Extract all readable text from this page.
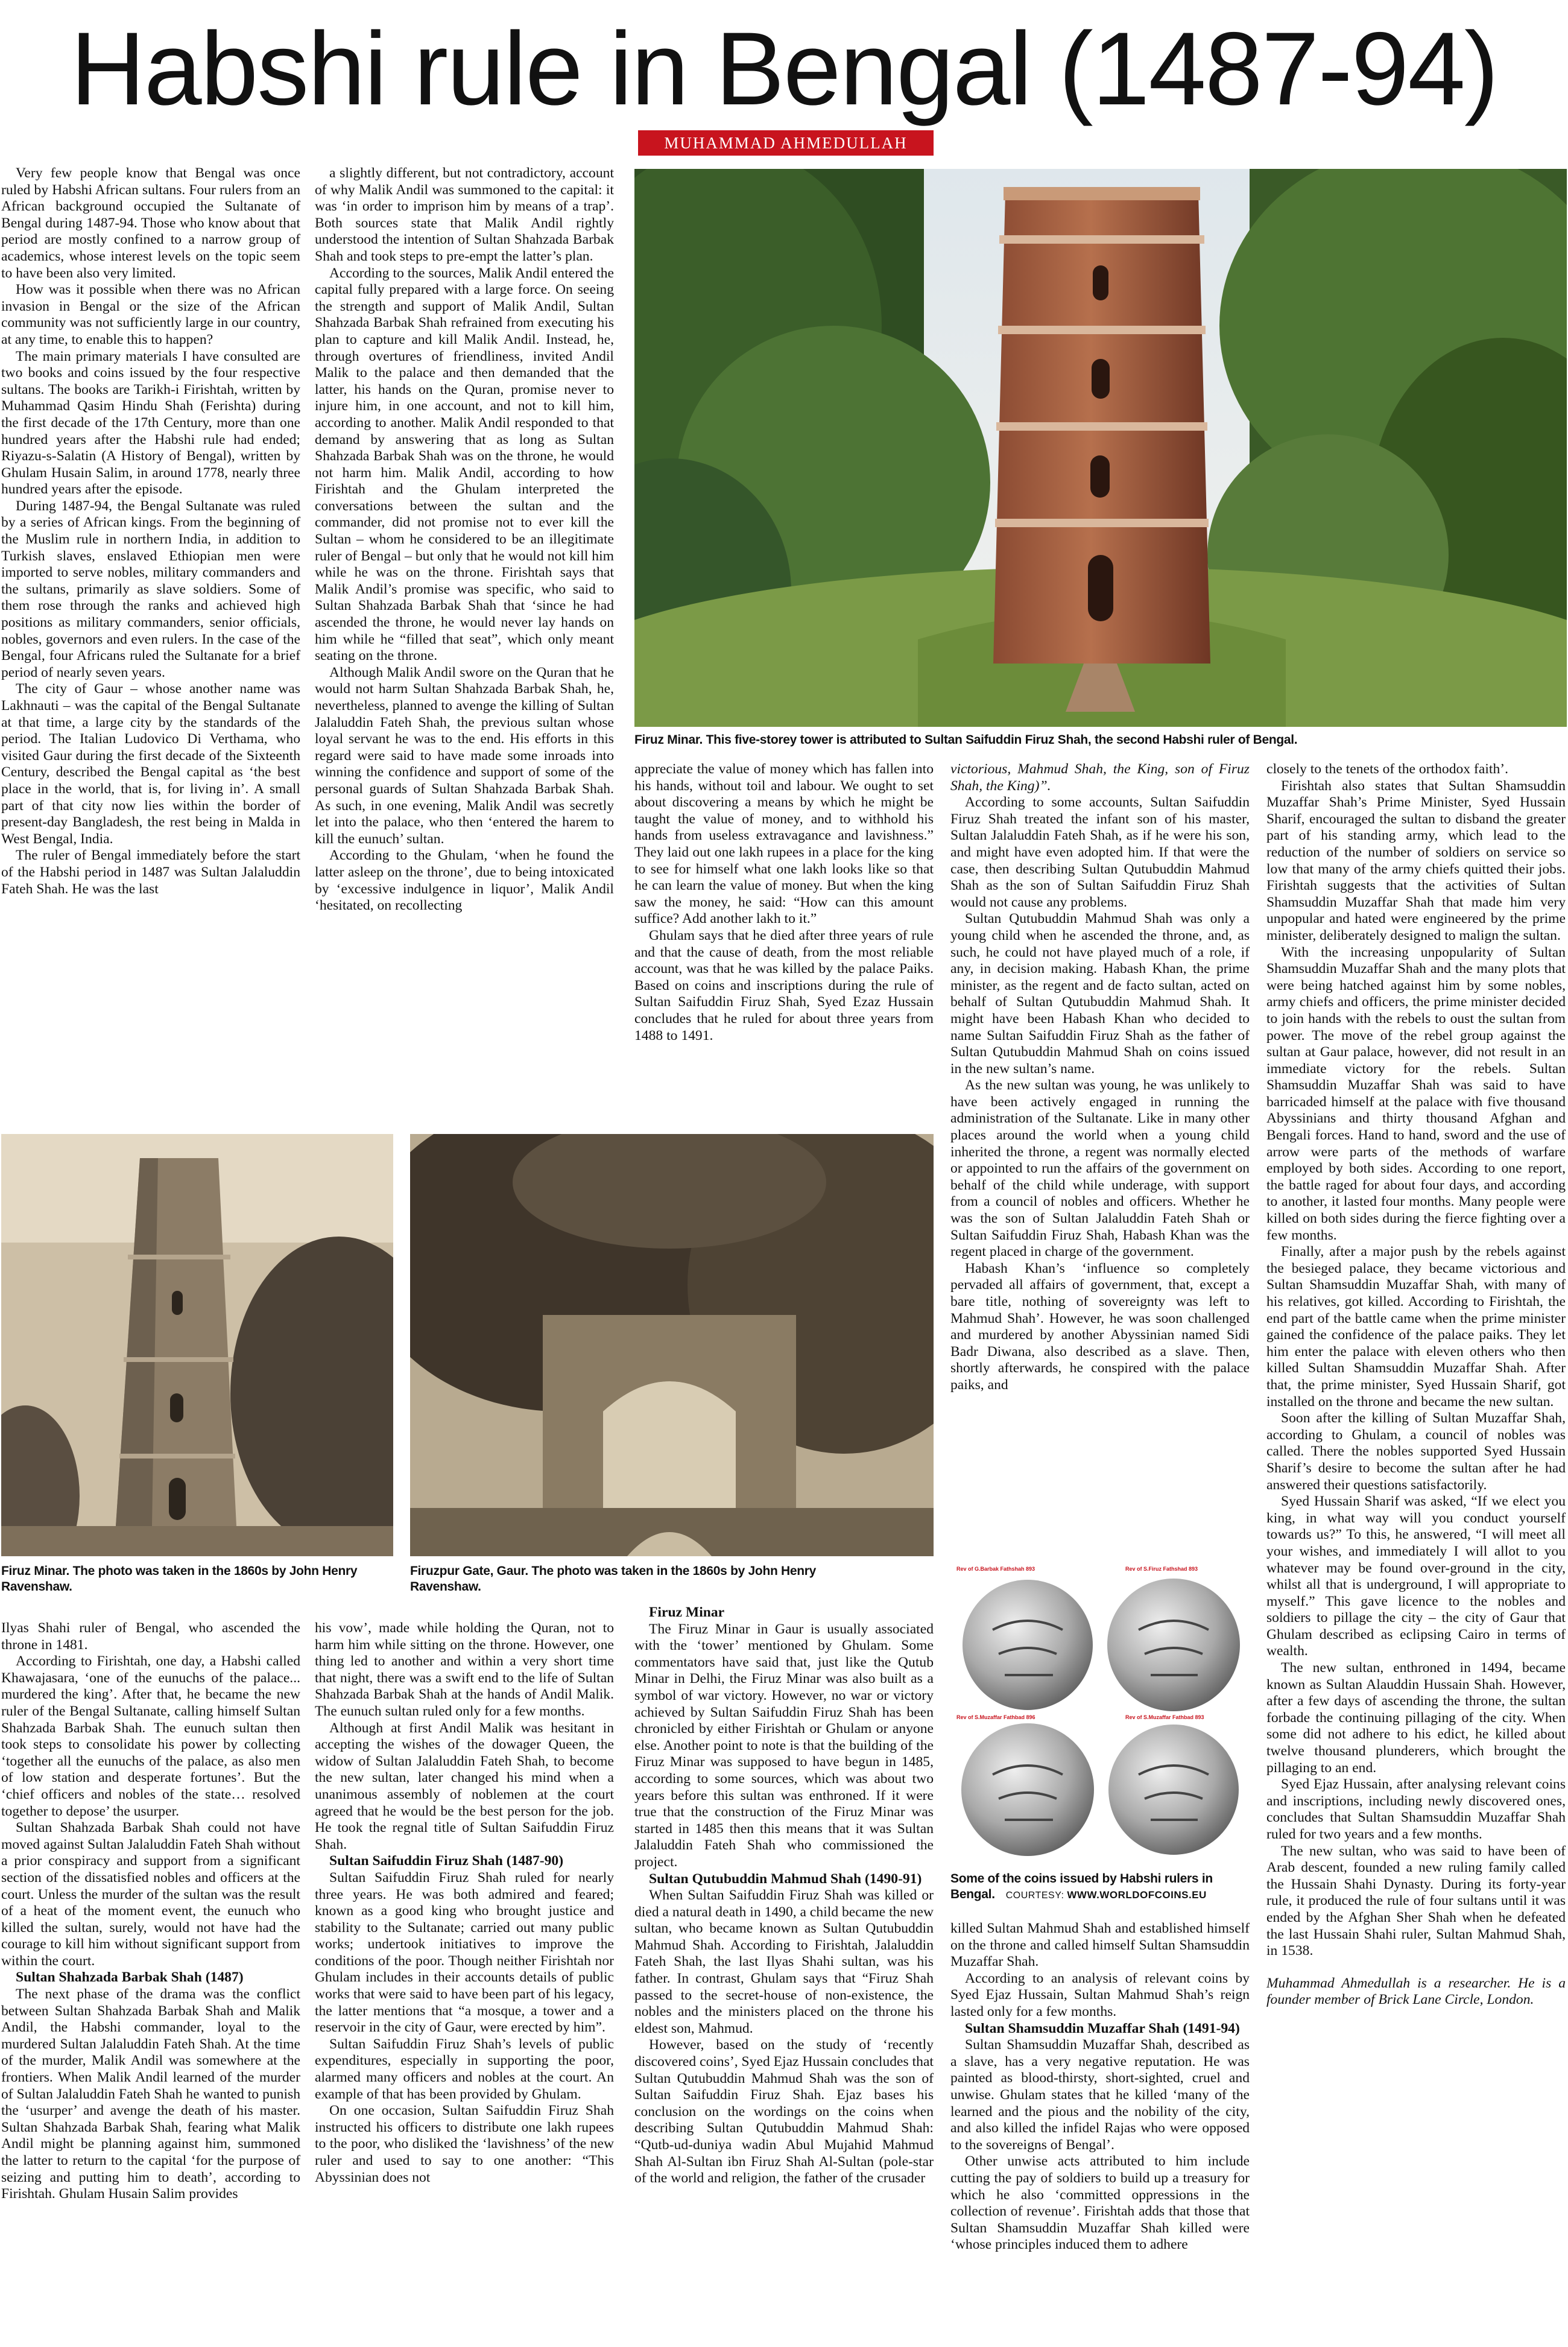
Habshi rule in Bengal (1487-94)
MUHAMMAD AHMEDULLAH

Very few people know that Bengal was once ruled by Habshi African sultans. Four rulers from an African background occupied the Sultanate of Bengal during 1487-94. Those who know about that period are mostly confined to a narrow group of academics, whose interest levels on the topic seem to have been also very limited.

How was it possible when there was no African invasion in Bengal or the size of the African community was not sufficiently large in our country, at any time, to enable this to happen?

The main primary materials I have consulted are two books and coins issued by the four respective sultans. The books are Tarikh-i Firishtah, written by Muhammad Qasim Hindu Shah (Ferishta) during the first decade of the 17th Century, more than one hundred years after the Habshi rule had ended; Riyazu-s-Salatin (A History of Bengal), written by Ghulam Husain Salim, in around 1778, nearly three hundred years after the episode.

During 1487-94, the Bengal Sultanate was ruled by a series of African kings. From the beginning of the Muslim rule in northern India, in addition to Turkish slaves, enslaved Ethiopian men were imported to serve nobles, military commanders and the sultans, primarily as slave soldiers. Some of them rose through the ranks and achieved high positions as military commanders, senior officials, nobles, governors and even rulers. In the case of the Bengal, four Africans ruled the Sultanate for a brief period of nearly seven years.

The city of Gaur – whose another name was Lakhnauti – was the capital of the Bengal Sultanate at that time, a large city by the standards of the period. The Italian Ludovico Di Verthama, who visited Gaur during the first decade of the Sixteenth Century, described the Bengal capital as ‘the best place in the world, that is, for living in’. A small part of that city now lies within the border of present-day Bangladesh, the rest being in Malda in West Bengal, India.

The ruler of Bengal immediately before the start of the Habshi period in 1487 was Sultan Jalaluddin Fateh Shah. He was the last

a slightly different, but not contradictory, account of why Malik Andil was summoned to the capital: it was ‘in order to imprison him by means of a trap’. Both sources state that Malik Andil rightly understood the intention of Sultan Shahzada Barbak Shah and took steps to pre-empt the latter’s plan.

According to the sources, Malik Andil entered the capital fully prepared with a large force. On seeing the strength and support of Malik Andil, Sultan Shahzada Barbak Shah refrained from executing his plan to capture and kill Malik Andil. Instead, he, through overtures of friendliness, invited Andil Malik to the palace and then demanded that the latter, his hands on the Quran, promise never to injure him, in one account, and not to kill him, according to another. Malik Andil responded to that demand by answering that as long as Sultan Shahzada Barbak Shah was on the throne, he would not harm him. Malik Andil, according to how Firishtah and the Ghulam interpreted the conversations between the sultan and the commander, did not promise not to ever kill the Sultan – whom he considered to be an illegitimate ruler of Bengal – but only that he would not kill him while he was on the throne. Firishtah says that Malik Andil’s promise was specific, who said to Sultan Shahzada Barbak Shah that ‘since he had ascended the throne, he would never lay hands on him while he “filled that seat”, which only meant seating on the throne.

Although Malik Andil swore on the Quran that he would not harm Sultan Shahzada Barbak Shah, he, nevertheless, planned to avenge the killing of Sultan Jalaluddin Fateh Shah, the previous sultan whose loyal servant he was to the end. His efforts in this regard were said to have made some inroads into winning the confidence and support of some of the personal guards of Sultan Shahzada Barbak Shah. As such, in one evening, Malik Andil was secretly let into the palace, who then ‘entered the harem to kill the eunuch’ sultan.

According to the Ghulam, ‘when he found the latter asleep on the throne’, due to being intoxicated by ‘excessive indulgence in liquor’, Malik Andil ‘hesitated, on recollecting

Firuz Minar. This five-storey tower is attributed to Sultan Saifuddin Firuz Shah, the second Habshi ruler of Bengal.

appreciate the value of money which has fallen into his hands, without toil and labour. We ought to set about discovering a means by which he might be taught the value of money, and to withhold his hands from useless extravagance and lavishness.” They laid out one lakh rupees in a place for the king to see for himself what one lakh looks like so that he can learn the value of money. But when the king saw the money, he said: “How can this amount suffice? Add another lakh to it.”

Ghulam says that he died after three years of rule and that the cause of death, from the most reliable account, was that he was killed by the palace Paiks. Based on coins and inscriptions during the rule of Sultan Saifuddin Firuz Shah, Syed Ezaz Hussain concludes that he ruled for about three years from 1488 to 1491.

victorious, Mahmud Shah, the King, son of Firuz Shah, the King)”.

According to some accounts, Sultan Saifuddin Firuz Shah treated the infant son of his master, Sultan Jalaluddin Fateh Shah, as if he were his son, and might have even adopted him. If that were the case, then describing Sultan Qutubuddin Mahmud Shah as the son of Sultan Saifuddin Firuz Shah would not cause any problems.

Sultan Qutubuddin Mahmud Shah was only a young child when he ascended the throne, and, as such, he could not have played much of a role, if any, in decision making. Habash Khan, the prime minister, as the regent and de facto sultan, acted on behalf of Sultan Qutubuddin Mahmud Shah. It might have been Habash Khan who decided to name Sultan Saifuddin Firuz Shah as the father of Sultan Qutubuddin Mahmud Shah on coins issued in the new sultan’s name.

As the new sultan was young, he was unlikely to have been actively engaged in running the administration of the Sultanate. Like in many other places around the world when a young child inherited the throne, a regent was normally elected or appointed to run the affairs of the government on behalf of the child while underage, with support from a council of nobles and officers. Whether he was the son of Sultan Jalaluddin Fateh Shah or Sultan Saifuddin Firuz Shah, Habash Khan was the regent placed in charge of the government.

Habash Khan’s ‘influence so completely pervaded all affairs of government, that, except a bare title, nothing of sovereignty was left to Mahmud Shah’. However, he was soon challenged and murdered by another Abyssinian named Sidi Badr Diwana, also described as a slave. Then, shortly afterwards, he conspired with the palace paiks, and

closely to the tenets of the orthodox faith’.

Firishtah also states that Sultan Shamsuddin Muzaffar Shah’s Prime Minister, Syed Hussain Sharif, encouraged the sultan to disband the greater part of his standing army, which lead to the reduction of the number of soldiers on service so low that many of the army chiefs quitted their jobs. Firishtah suggests that the activities of Sultan Shamsuddin Muzaffar Shah that made him very unpopular and hated were engineered by the prime minister, deliberately designed to malign the sultan.

With the increasing unpopularity of Sultan Shamsuddin Muzaffar Shah and the many plots that were being hatched against him by some nobles, army chiefs and officers, the prime minister decided to join hands with the rebels to oust the sultan from power. The move of the rebel group against the sultan at Gaur palace, however, did not result in an immediate victory for the rebels. Sultan Shamsuddin Muzaffar Shah was said to have barricaded himself at the palace with five thousand Abyssinians and thirty thousand Afghan and Bengali forces. Hand to hand, sword and the use of arrow were parts of the methods of warfare employed by both sides. According to one report, the battle raged for about four days, and according to another, it lasted four months. Many people were killed on both sides during the fierce fighting over a few months.

Finally, after a major push by the rebels against the besieged palace, they became victorious and Sultan Shamsuddin Muzaffar Shah, with many of his relatives, got killed. According to Firishtah, the end part of the battle came when the prime minister gained the confidence of the palace paiks. They let him enter the palace with eleven others who then killed Sultan Shamsuddin Muzaffar Shah. After that, the prime minister, Syed Hussain Sharif, got installed on the throne and became the new sultan.

Soon after the killing of Sultan Muzaffar Shah, according to Ghulam, a council of nobles was called. There the nobles supported Syed Hussain Sharif’s desire to become the sultan after he had answered their questions satisfactorily.

Syed Hussain Sharif was asked, “If we elect you king, in what way will you conduct yourself towards us?” To this, he answered, “I will meet all your wishes, and immediately I will allot to you whatever may be found over-ground in the city, whilst all that is underground, I will appropriate to myself.” This gave licence to the nobles and soldiers to pillage the city – the city of Gaur that Ghulam described as eclipsing Cairo in terms of wealth.

The new sultan, enthroned in 1494, became known as Sultan Alauddin Hussain Shah. However, after a few days of ascending the throne, the sultan forbade the continuing pillaging of the city. When some did not adhere to his edict, he killed about twelve thousand plunderers, which brought the pillaging to an end.

Syed Ejaz Hussain, after analysing relevant coins and inscriptions, including newly discovered ones, concludes that Sultan Shamsuddin Muzaffar Shah ruled for two years and a few months.

The new sultan, who was said to have been of Arab descent, founded a new ruling family called the Hussain Shahi Dynasty. During its forty-year rule, it produced the rule of four sultans until it was ended by the Afghan Sher Shah when he defeated the last Hussain Shahi ruler, Sultan Mahmud Shah, in 1538.

Muhammad Ahmedullah is a researcher. He is a founder member of Brick Lane Circle, London.

Firuz Minar. The photo was taken in the 1860s by John Henry Ravenshaw.
Firuzpur Gate, Gaur. The photo was taken in the 1860s by John Henry Ravenshaw.

Ilyas Shahi ruler of Bengal, who ascended the throne in 1481.

According to Firishtah, one day, a Habshi called Khawajasara, ‘one of the eunuchs of the palace... murdered the king’. After that, he became the new ruler of the Bengal Sultanate, calling himself Sultan Shahzada Barbak Shah. The eunuch sultan then took steps to consolidate his power by collecting ‘together all the eunuchs of the palace, as also men of low station and desperate fortunes’. But the ‘chief officers and nobles of the state… resolved together to depose’ the usurper.

Sultan Shahzada Barbak Shah could not have moved against Sultan Jalaluddin Fateh Shah without a prior conspiracy and support from a significant section of the dissatisfied nobles and officers at the court. Unless the murder of the sultan was the result of a heat of the moment event, the eunuch who killed the sultan, surely, would not have had the courage to kill him without significant support from within the court.

Sultan Shahzada Barbak Shah (1487)

The next phase of the drama was the conflict between Sultan Shahzada Barbak Shah and Malik Andil, the Habshi commander, loyal to the murdered Sultan Jalaluddin Fateh Shah. At the time of the murder, Malik Andil was somewhere at the frontiers. When Malik Andil learned of the murder of Sultan Jalaluddin Fateh Shah he wanted to punish the ‘usurper’ and avenge the death of his master. Sultan Shahzada Barbak Shah, fearing what Malik Andil might be planning against him, summoned the latter to return to the capital ‘for the purpose of seizing and putting him to death’, according to Firishtah. Ghulam Husain Salim provides

his vow’, made while holding the Quran, not to harm him while sitting on the throne. However, one thing led to another and within a very short time that night, there was a swift end to the life of Sultan Shahzada Barbak Shah at the hands of Andil Malik. The eunuch sultan ruled only for a few months.

Although at first Andil Malik was hesitant in accepting the wishes of the dowager Queen, the widow of Sultan Jalaluddin Fateh Shah, to become the new sultan, later changed his mind when a unanimous assembly of noblemen at the court agreed that he would be the best person for the job. He took the regnal title of Sultan Saifuddin Firuz Shah.

Sultan Saifuddin Firuz Shah (1487-90)

Sultan Saifuddin Firuz Shah ruled for nearly three years. He was both admired and feared; known as a good king who brought justice and stability to the Sultanate; carried out many public works; undertook initiatives to improve the conditions of the poor. Though neither Firishtah nor Ghulam includes in their accounts details of public works that were said to have been part of his legacy, the latter mentions that “a mosque, a tower and a reservoir in the city of Gaur, were erected by him”.

Sultan Saifuddin Firuz Shah’s levels of public expenditures, especially in supporting the poor, alarmed many officers and nobles at the court. An example of that has been provided by Ghulam.

On one occasion, Sultan Saifuddin Firuz Shah instructed his officers to distribute one lakh rupees to the poor, who disliked the ‘lavishness’ of the new ruler and used to say to one another: “This Abyssinian does not

Firuz Minar

The Firuz Minar in Gaur is usually associated with the ‘tower’ mentioned by Ghulam. Some commentators have said that, just like the Qutub Minar in Delhi, the Firuz Minar was also built as a symbol of war victory. However, no war or victory achieved by Sultan Saifuddin Firuz Shah has been chronicled by either Firishtah or Ghulam or anyone else. Another point to note is that the building of the Firuz Minar was supposed to have begun in 1485, according to some sources, which was about two years before this sultan was enthroned. If it were true that the construction of the Firuz Minar was started in 1485 then this means that it was Sultan Jalaluddin Fateh Shah who commissioned the project.

Sultan Qutubuddin Mahmud Shah (1490-91)

When Sultan Saifuddin Firuz Shah was killed or died a natural death in 1490, a child became the new sultan, who became known as Sultan Qutubuddin Mahmud Shah. According to Firishtah, Jalaluddin Fateh Shah, the last Ilyas Shahi sultan, was his father. In contrast, Ghulam says that “Firuz Shah passed to the secret-house of non-existence, the nobles and the ministers placed on the throne his eldest son, Mahmud.

However, based on the study of ‘recently discovered coins’, Syed Ejaz Hussain concludes that Sultan Qutubuddin Mahmud Shah was the son of Sultan Saifuddin Firuz Shah. Ejaz bases his conclusion on the wordings on the coins when describing Sultan Qutubuddin Mahmud Shah: “Qutb-ud-duniya wadin Abul Mujahid Mahmud Shah Al-Sultan ibn Firuz Shah Al-Sultan (pole-star of the world and religion, the father of the crusader

Rev of G.Barbak Fathshah 893	Rev of S.Firuz Fathshad 893
Rev of S.Muzaffar Fathbad 896	Rev of S.Muzaffar Fathbad 893
Some of the coins issued by Habshi rulers in Bengal. COURTESY: WWW.WORLDOFCOINS.EU

killed Sultan Mahmud Shah and established himself on the throne and called himself Sultan Shamsuddin Muzaffar Shah.

According to an analysis of relevant coins by Syed Ejaz Hussain, Sultan Mahmud Shah’s reign lasted only for a few months.

Sultan Shamsuddin Muzaffar Shah (1491-94)

Sultan Shamsuddin Muzaffar Shah, described as a slave, has a very negative reputation. He was painted as blood-thirsty, short-sighted, cruel and unwise. Ghulam states that he killed ‘many of the learned and the pious and the nobility of the city, and also killed the infidel Rajas who were opposed to the sovereigns of Bengal’.

Other unwise acts attributed to him include cutting the pay of soldiers to build up a treasury for which he also ‘committed oppressions in the collection of revenue’. Firishtah adds that those that Sultan Shamsuddin Muzaffar Shah killed were ‘whose principles induced them to adhere
